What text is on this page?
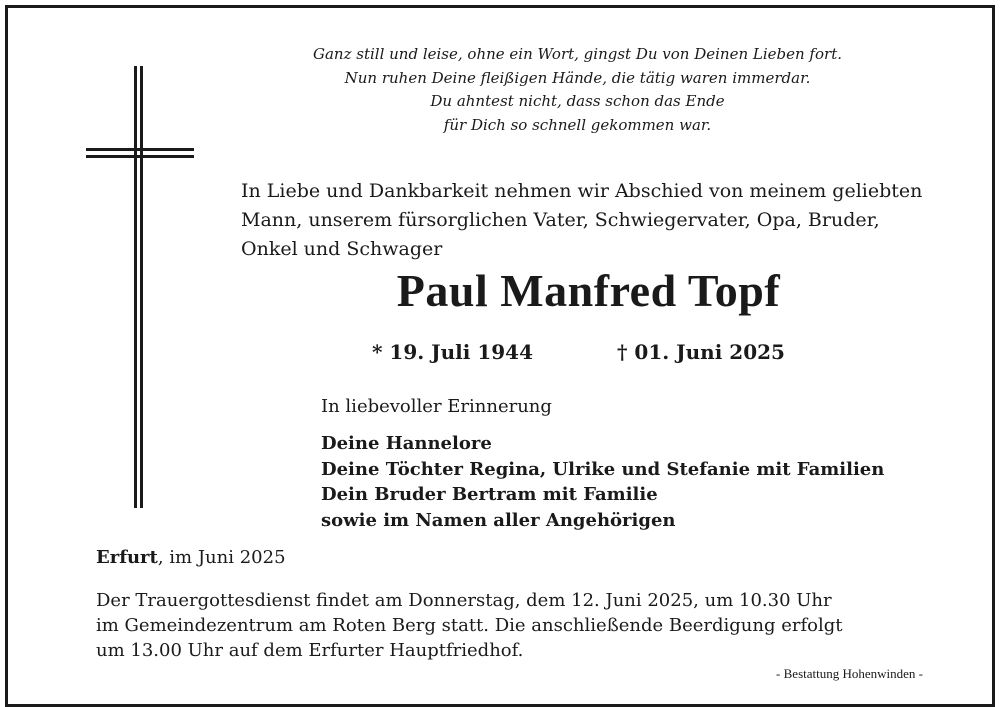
Ganz still und leise, ohne ein Wort, gingst Du von Deinen Lieben fort.
Nun ruhen Deine fleißigen Hände, die tätig waren immerdar.
Du ahntest nicht, dass schon das Ende
für Dich so schnell gekommen war.
In Liebe und Dankbarkeit nehmen wir Abschied von meinem geliebten
Mann, unserem fürsorglichen Vater, Schwiegervater, Opa, Bruder,
Onkel und Schwager
Paul Manfred Topf
* 19. Juli 1944	† 01. Juni 2025
In liebevoller Erinnerung
Deine Hannelore
Deine Töchter Regina, Ulrike und Stefanie mit Familien
Dein Bruder Bertram mit Familie
sowie im Namen aller Angehörigen
Erfurt, im Juni 2025
Der Trauergottesdienst findet am Donnerstag, dem 12. Juni 2025, um 10.30 Uhr
im Gemeindezentrum am Roten Berg statt. Die anschließende Beerdigung erfolgt
um 13.00 Uhr auf dem Erfurter Hauptfriedhof.
- Bestattung Hohenwinden -
